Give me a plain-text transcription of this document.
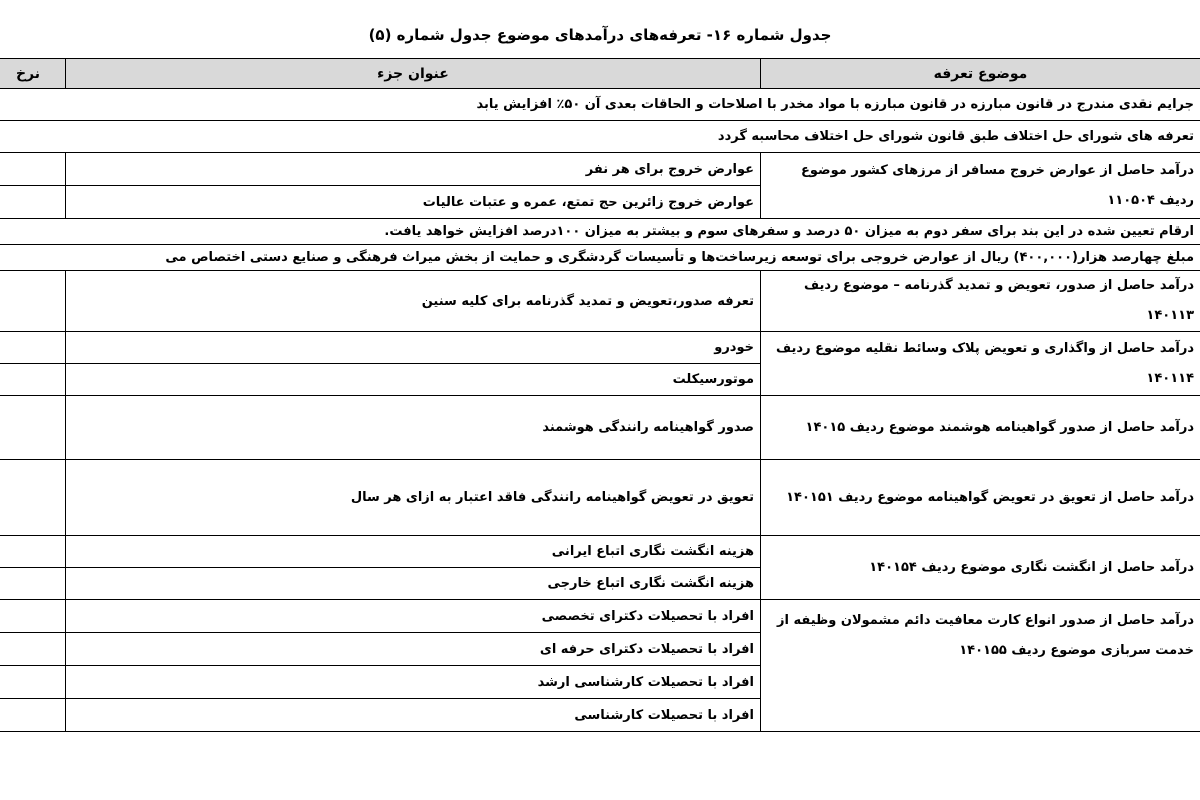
جدول شماره ۱۶- تعرفه‌های درآمدهای موضوع جدول شماره (۵)
موضوع تعرفه	عنوان جزء	نرخ
جرایم نقدی مندرج در قانون مبارزه در قانون مبارزه با مواد مخدر با اصلاحات و الحاقات بعدی آن ۵۰٪ افزایش یابد		
تعرفه های شورای حل اختلاف طبق قانون شورای حل اختلاف محاسبه گردد		
درآمد حاصل از عوارض خروج مسافر از مرزهای کشور موضوع ردیف ۱۱۰۵۰۴	عوارض خروج برای هر نفر	
	عوارض خروج زائرین حج تمتع، عمره و عتبات عالیات	
ارقام تعیین شده در این بند برای سفر دوم به میزان ۵۰ درصد و سفرهای سوم و بیشتر به میزان ۱۰۰درصد افزایش خواهد یافت.		
مبلغ چهارصد هزار(۴۰۰,۰۰۰) ریال از عوارض خروجی برای توسعه زیرساخت‌ها و تأسیسات گردشگری و حمایت از بخش میراث فرهنگی و صنایع دستی اختصاص می		
درآمد حاصل از صدور، تعویض و تمدید گذرنامه – موضوع ردیف ۱۴۰۱۱۳	تعرفه صدور،تعویض و تمدید گذرنامه برای کلیه سنین	
درآمد حاصل از واگذاری و تعویض پلاک وسائط نقلیه موضوع ردیف ۱۴۰۱۱۴	خودرو	
	موتورسیکلت	
درآمد حاصل از صدور گواهینامه هوشمند موضوع ردیف ۱۴۰۱۵	صدور گواهینامه رانندگی هوشمند	
درآمد حاصل از تعویق در تعویض گواهینامه موضوع ردیف ۱۴۰۱۵۱	تعویق در تعویض گواهینامه رانندگی فاقد اعتبار به ازای هر سال	
درآمد حاصل از انگشت نگاری موضوع ردیف ۱۴۰۱۵۴	هزینه انگشت نگاری اتباع ایرانی	
	هزینه انگشت نگاری اتباع خارجی	
درآمد حاصل از صدور انواع کارت معافیت دائم مشمولان وظیفه از خدمت سربازی موضوع ردیف ۱۴۰۱۵۵	افراد با تحصیلات دکترای تخصصی	
	افراد با تحصیلات دکترای حرفه ای	
	افراد با تحصیلات کارشناسی ارشد	
	افراد با تحصیلات کارشناسی	
